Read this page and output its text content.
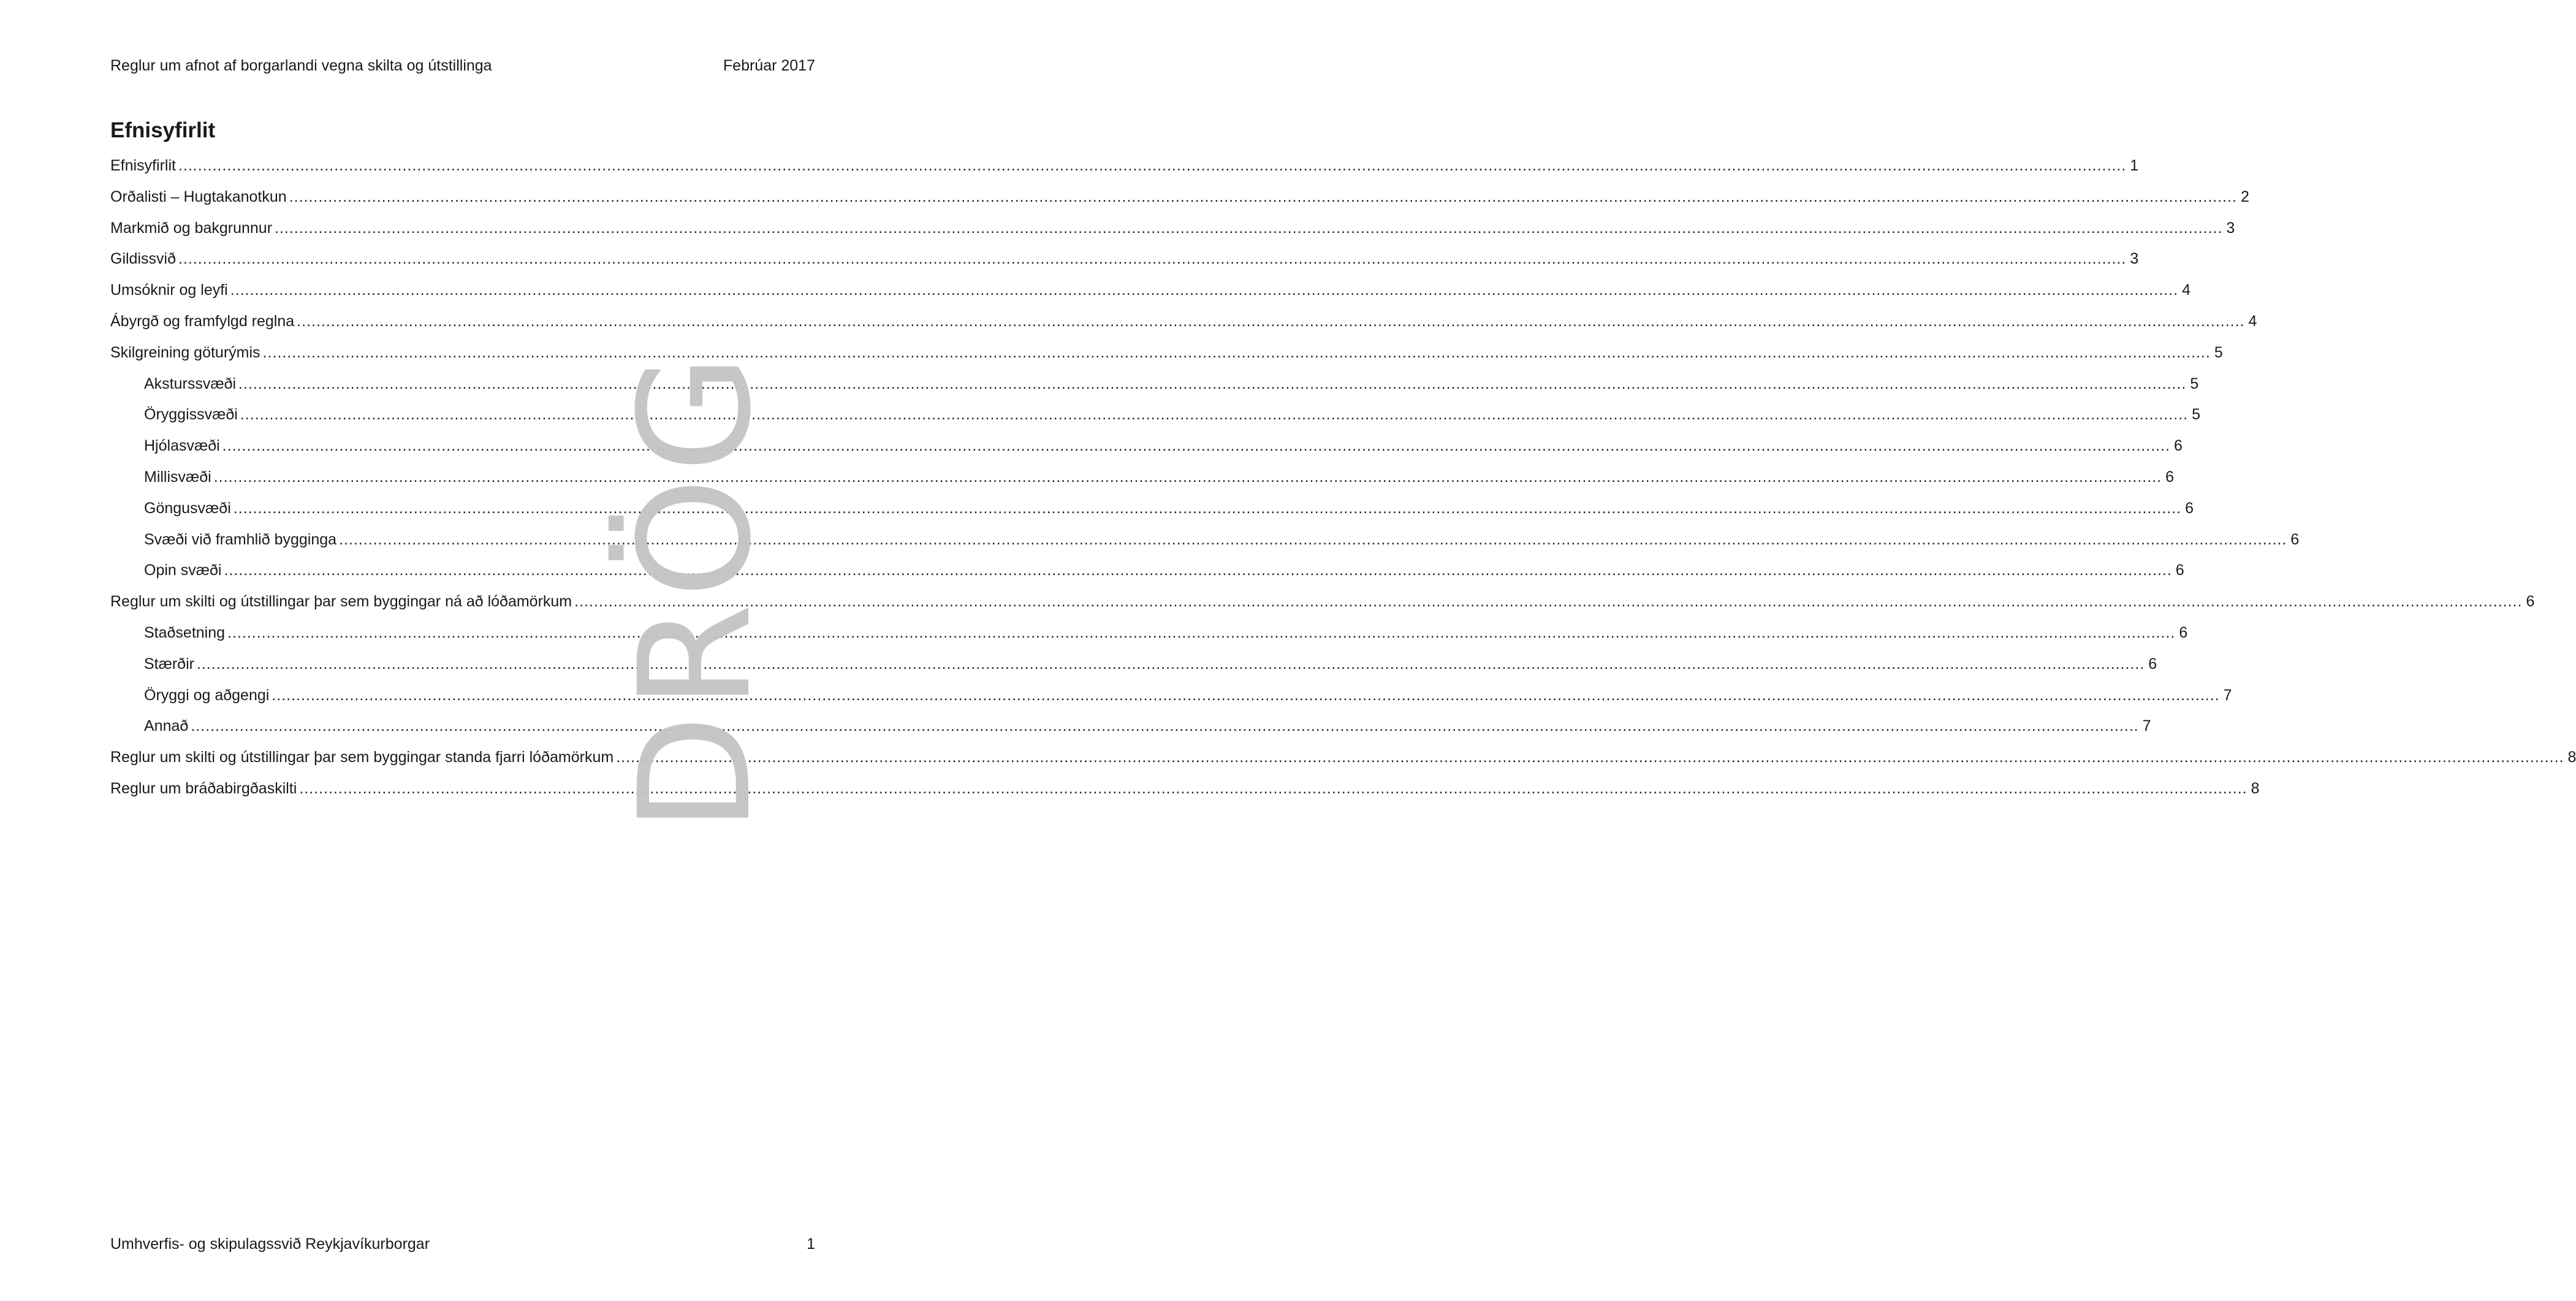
Reglur um afnot af borgarlandi vegna skilta og útstillinga	Febrúar 2017
Efnisyfirlit
Efnisyfirlit ................................................................................................................................................................................................................................................................................................................................................................................................................ 1
Orðalisti – Hugtakanotkun ................................................................................................................................................................................................................................................................................................................................................................................................................ 2
Markmið og bakgrunnur ................................................................................................................................................................................................................................................................................................................................................................................................................ 3
Gildissvið ................................................................................................................................................................................................................................................................................................................................................................................................................ 3
Umsóknir og leyfi ................................................................................................................................................................................................................................................................................................................................................................................................................ 4
Ábyrgð og framfylgd reglna ................................................................................................................................................................................................................................................................................................................................................................................................................ 4
Skilgreining göturýmis ................................................................................................................................................................................................................................................................................................................................................................................................................ 5
Aksturssvæði ................................................................................................................................................................................................................................................................................................................................................................................................................ 5
Öryggissvæði ................................................................................................................................................................................................................................................................................................................................................................................................................ 5
Hjólasvæði ................................................................................................................................................................................................................................................................................................................................................................................................................ 6
Millisvæði ................................................................................................................................................................................................................................................................................................................................................................................................................ 6
Göngusvæði ................................................................................................................................................................................................................................................................................................................................................................................................................ 6
Svæði við framhlið bygginga ................................................................................................................................................................................................................................................................................................................................................................................................................ 6
Opin svæði ................................................................................................................................................................................................................................................................................................................................................................................................................ 6
Reglur um skilti og útstillingar þar sem byggingar ná að lóðamörkum ................................................................................................................................................................................................................................................................................................................................................................................................................ 6
Staðsetning ................................................................................................................................................................................................................................................................................................................................................................................................................ 6
Stærðir ................................................................................................................................................................................................................................................................................................................................................................................................................ 6
Öryggi og aðgengi ................................................................................................................................................................................................................................................................................................................................................................................................................ 7
Annað ................................................................................................................................................................................................................................................................................................................................................................................................................ 7
Reglur um skilti og útstillingar þar sem byggingar standa fjarri lóðamörkum ................................................................................................................................................................................................................................................................................................................................................................................................................ 8
Reglur um bráðabirgðaskilti ................................................................................................................................................................................................................................................................................................................................................................................................................ 8
DRÖG
Umhverfis- og skipulagssvið Reykjavíkurborgar	1
